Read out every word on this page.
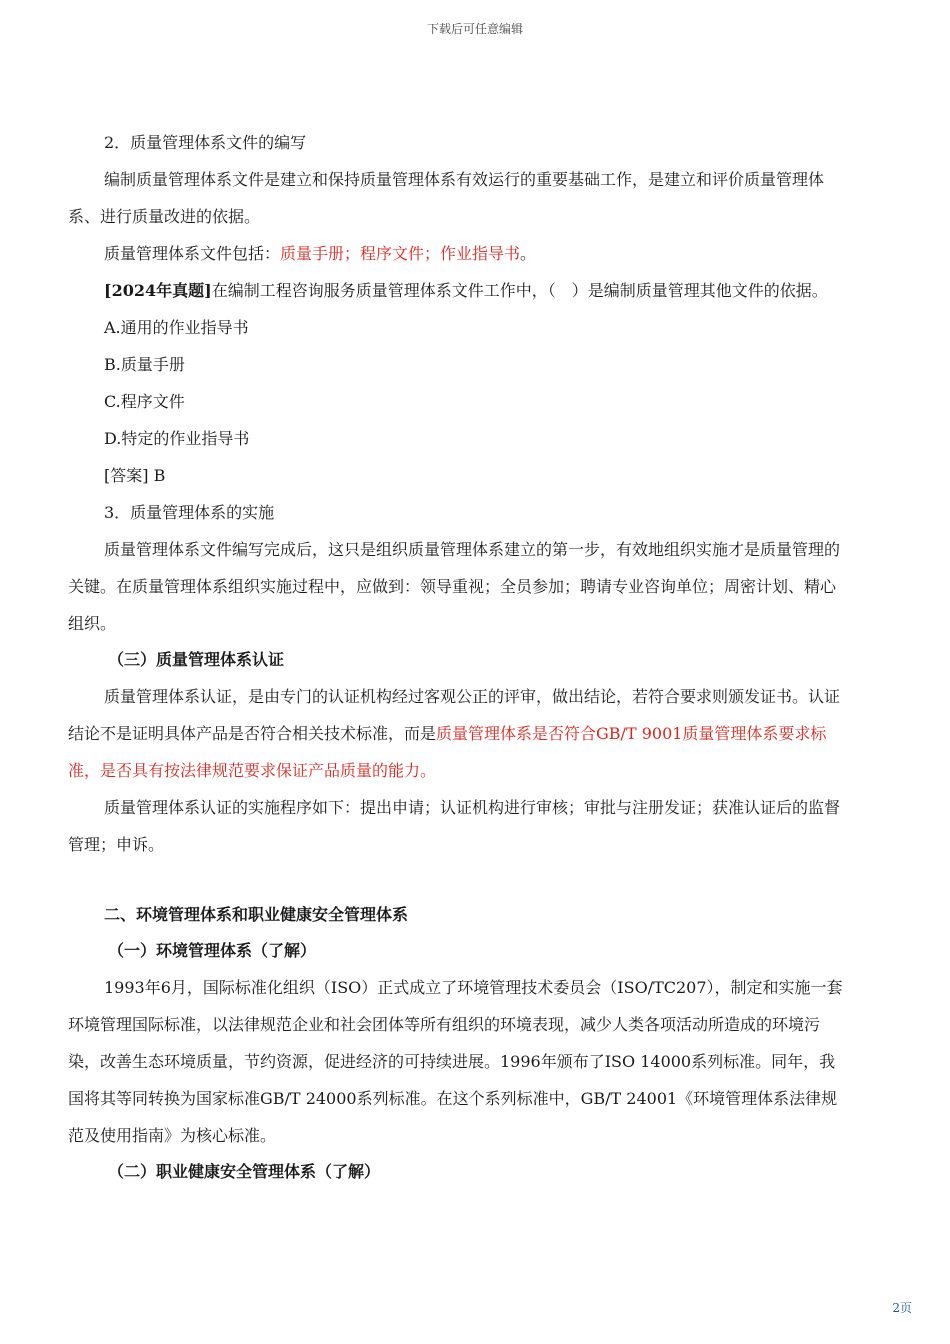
下载后可任意编辑

2．质量管理体系文件的编写

编制质量管理体系文件是建立和保持质量管理体系有效运行的重要基础工作，是建立和评价质量管理体系、进行质量改进的依据。

质量管理体系文件包括：质量手册；程序文件；作业指导书。

[2024年真题]在编制工程咨询服务质量管理体系文件工作中，（　）是编制质量管理其他文件的依据。

A.通用的作业指导书

B.质量手册

C.程序文件

D.特定的作业指导书

[答案] B

3．质量管理体系的实施

质量管理体系文件编写完成后，这只是组织质量管理体系建立的第一步，有效地组织实施才是质量管理的关键。在质量管理体系组织实施过程中，应做到：领导重视；全员参加；聘请专业咨询单位；周密计划、精心组织。

（三）质量管理体系认证

质量管理体系认证，是由专门的认证机构经过客观公正的评审，做出结论，若符合要求则颁发证书。认证结论不是证明具体产品是否符合相关技术标准，而是质量管理体系是否符合GB/T 9001质量管理体系要求标准，是否具有按法律规范要求保证产品质量的能力。

质量管理体系认证的实施程序如下：提出申请；认证机构进行审核；审批与注册发证；获准认证后的监督管理；申诉。

二、环境管理体系和职业健康安全管理体系

（一）环境管理体系（了解）

1993年6月，国际标准化组织（ISO）正式成立了环境管理技术委员会（ISO/TC207），制定和实施一套环境管理国际标准，以法律规范企业和社会团体等所有组织的环境表现，减少人类各项活动所造成的环境污染，改善生态环境质量，节约资源，促进经济的可持续进展。1996年颁布了ISO 14000系列标准。同年，我国将其等同转换为国家标准GB/T 24000系列标准。在这个系列标准中，GB/T 24001《环境管理体系法律规范及使用指南》为核心标准。

（二）职业健康安全管理体系（了解）

2页
